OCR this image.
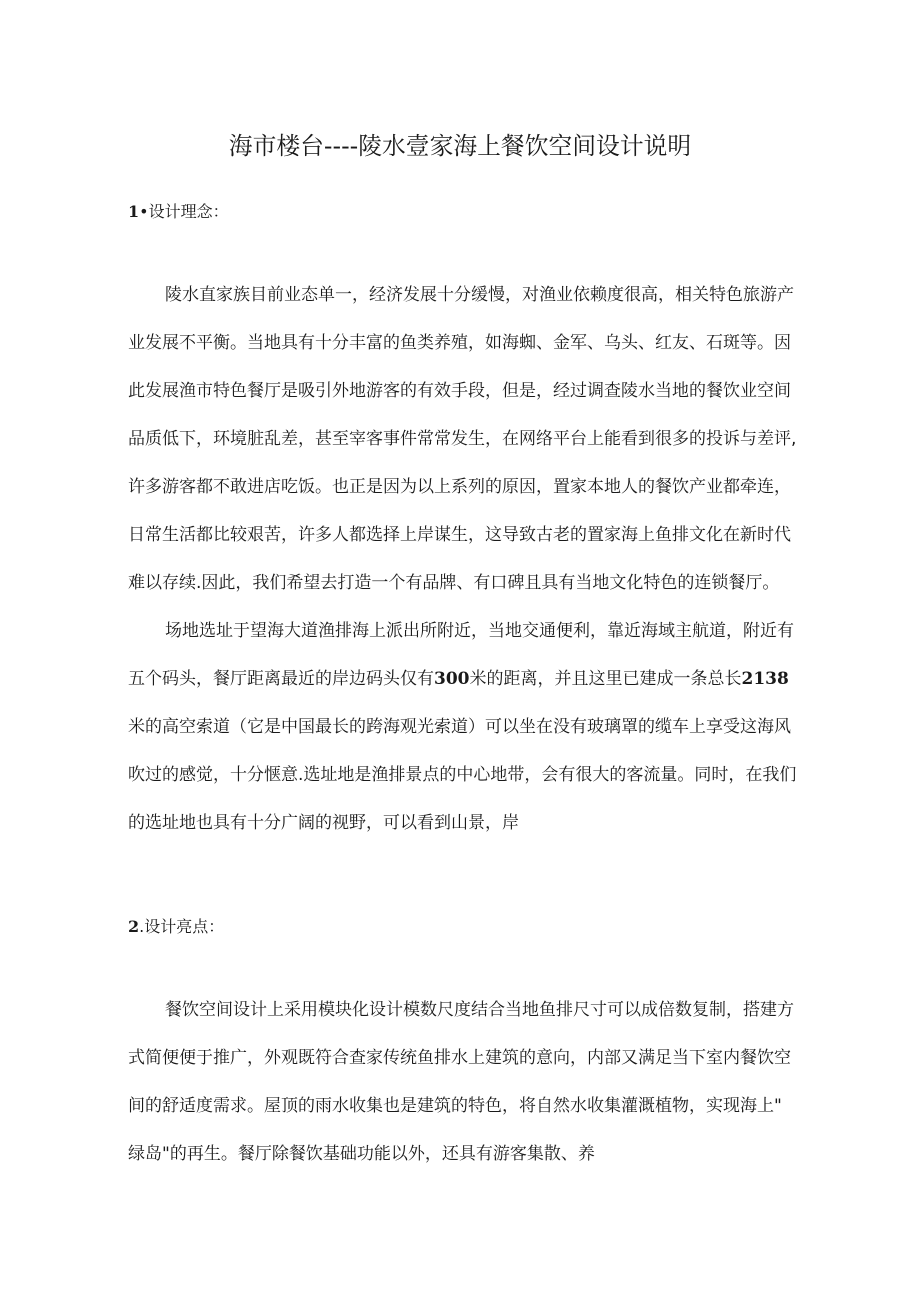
海市楼台----陵水壹家海上餐饮空间设计说明
1•设计理念：
陵水直家族目前业态单一，经济发展十分缓慢，对渔业依赖度很高，相关特色旅游产
业发展不平衡。当地具有十分丰富的鱼类养殖，如海蜘、金军、乌头、红友、石斑等。因
此发展渔市特色餐厅是吸引外地游客的有效手段，但是，经过调查陵水当地的餐饮业空间
品质低下，环境脏乱差，甚至宰客事件常常发生，在网络平台上能看到很多的投诉与差评,
许多游客都不敢进店吃饭。也正是因为以上系列的原因，置家本地人的餐饮产业都牵连，
日常生活都比较艰苦，许多人都选择上岸谋生，这导致古老的置家海上鱼排文化在新时代
难以存续.因此，我们希望去打造一个有品牌、有口碑且具有当地文化特色的连锁餐厅。
场地选址于望海大道渔排海上派出所附近，当地交通便利，靠近海域主航道，附近有
五个码头，餐厅距离最近的岸边码头仅有300米的距离，并且这里已建成一条总长2138
米的高空索道（它是中国最长的跨海观光索道）可以坐在没有玻璃罩的缆车上享受这海风
吹过的感觉，十分惬意.选址地是渔排景点的中心地带，会有很大的客流量。同时，在我们
的选址地也具有十分广阔的视野，可以看到山景，岸
2.设计亮点：
餐饮空间设计上采用模块化设计模数尺度结合当地鱼排尺寸可以成倍数复制，搭建方
式简便便于推广，外观既符合查家传统鱼排水上建筑的意向，内部又满足当下室内餐饮空
间的舒适度需求。屋顶的雨水收集也是建筑的特色，将自然水收集灌溉植物，实现海上"
绿岛"的再生。餐厅除餐饮基础功能以外，还具有游客集散、养
